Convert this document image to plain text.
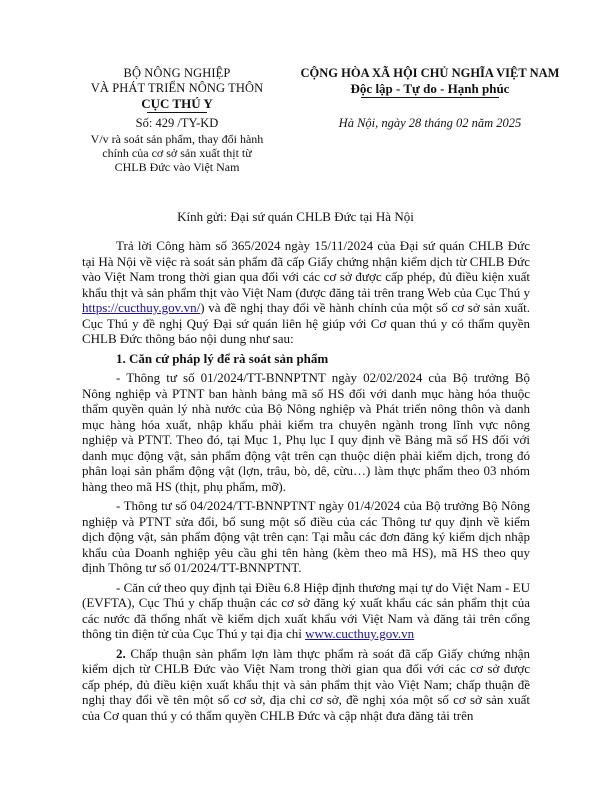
BỘ NÔNG NGHIỆP
VÀ PHÁT TRIỂN NÔNG THÔN
CỤC THÚ Y
Số: 429 /TY-KD
V/v rà soát sản phẩm, thay đổi hành
chính của cơ sở sản xuất thịt từ
CHLB Đức vào Việt Nam
CỘNG HÒA XÃ HỘI CHỦ NGHĨA VIỆT NAM
Độc lập - Tự do - Hạnh phúc
Hà Nội, ngày 28 tháng 02 năm 2025
Kính gửi: Đại sứ quán CHLB Đức tại Hà Nội

Trả lời Công hàm số 365/2024 ngày 15/11/2024 của Đại sứ quán CHLB Đức tại Hà Nội về việc rà soát sản phẩm đã cấp Giấy chứng nhận kiểm dịch từ CHLB Đức vào Việt Nam trong thời gian qua đối với các cơ sở được cấp phép, đủ điều kiện xuất khẩu thịt và sản phẩm thịt vào Việt Nam (được đăng tải trên trang Web của Cục Thú y https://cucthuy.gov.vn/) và đề nghị thay đổi về hành chính của một số cơ sở sản xuất. Cục Thú y đề nghị Quý Đại sứ quán liên hệ giúp với Cơ quan thú y có thẩm quyền CHLB Đức thông báo nội dung như sau:

1. Căn cứ pháp lý để rà soát sản phẩm

- Thông tư số 01/2024/TT-BNNPTNT ngày 02/02/2024 của Bộ trưởng Bộ Nông nghiệp và PTNT ban hành bảng mã số HS đối với danh mục hàng hóa thuộc thẩm quyền quản lý nhà nước của Bộ Nông nghiệp và Phát triển nông thôn và danh mục hàng hóa xuất, nhập khẩu phải kiểm tra chuyên ngành trong lĩnh vực nông nghiệp và PTNT. Theo đó, tại Mục 1, Phụ lục I quy định về Bảng mã số HS đối với danh mục động vật, sản phẩm động vật trên cạn thuộc diện phải kiểm dịch, trong đó phân loại sản phẩm động vật (lợn, trâu, bò, dê, cừu…) làm thực phẩm theo 03 nhóm hàng theo mã HS (thịt, phụ phẩm, mỡ).

- Thông tư số 04/2024/TT-BNNPTNT ngày 01/4/2024 của Bộ trưởng Bộ Nông nghiệp và PTNT sửa đổi, bổ sung một số điều của các Thông tư quy định về kiểm dịch động vật, sản phẩm động vật trên cạn: Tại mẫu các đơn đăng ký kiểm dịch nhập khẩu của Doanh nghiệp yêu cầu ghi tên hàng (kèm theo mã HS), mã HS theo quy định Thông tư số 01/2024/TT-BNNPTNT.

- Căn cứ theo quy định tại Điều 6.8 Hiệp định thương mại tự do Việt Nam - EU (EVFTA), Cục Thú y chấp thuận các cơ sở đăng ký xuất khẩu các sản phẩm thịt của các nước đã thống nhất về kiểm dịch xuất khẩu với Việt Nam và đăng tải trên cổng thông tin điện tử của Cục Thú y tại địa chỉ www.cucthuy.gov.vn

2. Chấp thuận sản phẩm lợn làm thực phẩm rà soát đã cấp Giấy chứng nhận kiểm dịch từ CHLB Đức vào Việt Nam trong thời gian qua đối với các cơ sở được cấp phép, đủ điều kiện xuất khẩu thịt và sản phẩm thịt vào Việt Nam; chấp thuận đề nghị thay đổi về tên một số cơ sở, địa chỉ cơ sở, đề nghị xóa một số cơ sở sản xuất của Cơ quan thú y có thẩm quyền CHLB Đức và cập nhật đưa đăng tải trên
